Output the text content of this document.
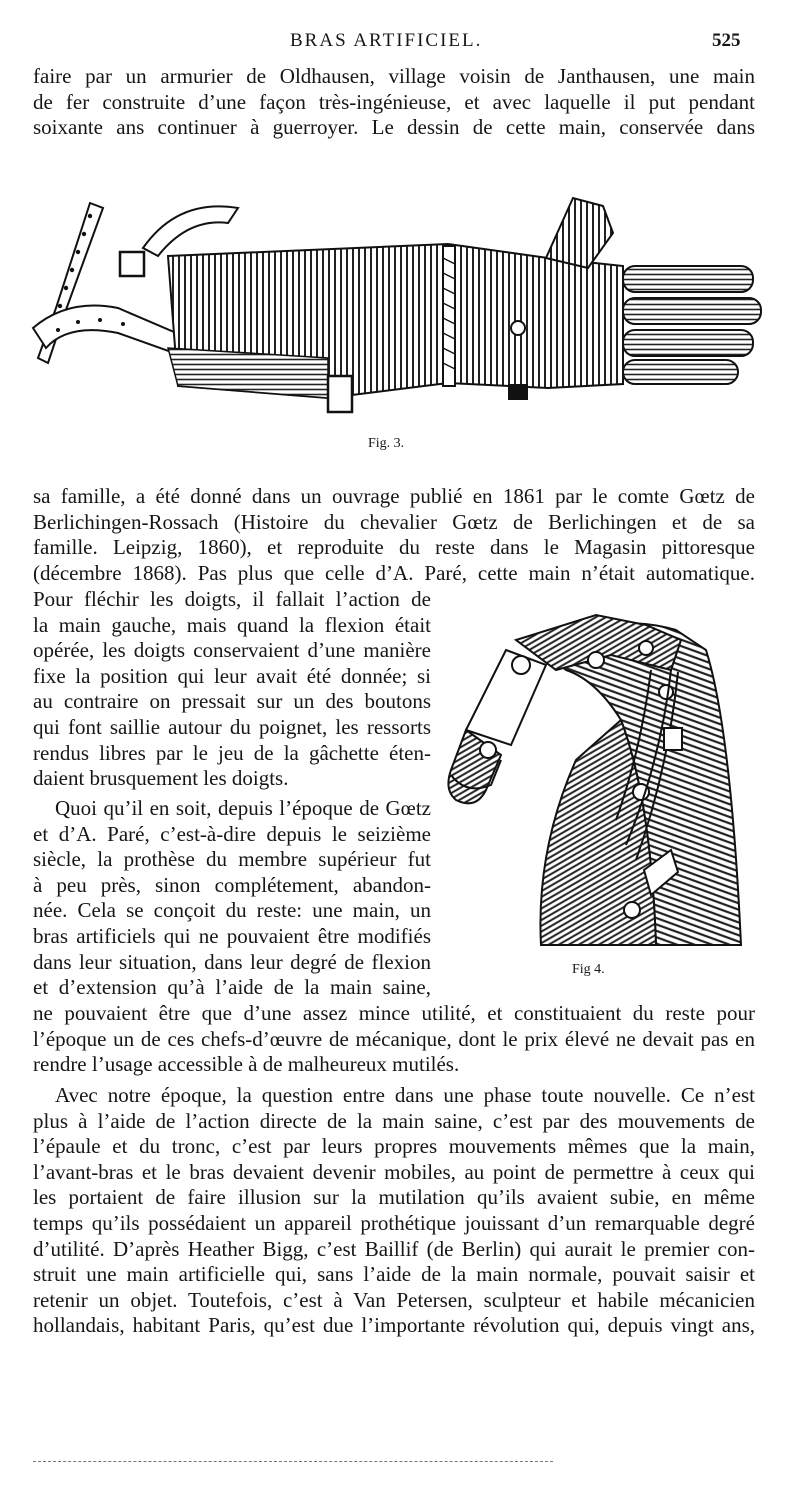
BRAS ARTIFICIEL.	525
faire par un armurier de Oldhausen, village voisin de Janthausen, une main
de fer construite d’une façon très-ingénieuse, et avec laquelle il put pendant
soixante ans continuer à guerroyer. Le dessin de cette main, conservée dans
Fig. 3.
sa famille, a été donné dans un ouvrage publié en 1861 par le comte Gœtz de
Berlichingen-Rossach (Histoire du chevalier Gœtz de Berlichingen et de sa
famille. Leipzig, 1860), et reproduite du reste dans le Magasin pittoresque
(décembre 1868). Pas plus que celle d’A. Paré, cette main n’était automatique.
Pour fléchir les doigts, il fallait l’action de
la main gauche, mais quand la flexion était
opérée, les doigts conservaient d’une manière
fixe la position qui leur avait été donnée; si
au contraire on pressait sur un des boutons
qui font saillie autour du poignet, les ressorts
rendus libres par le jeu de la gâchette éten-
daient brusquement les doigts.
Quoi qu’il en soit, depuis l’époque de Gœtz
et d’A. Paré, c’est-à-dire depuis le seizième
siècle, la prothèse du membre supérieur fut
à peu près, sinon complétement, abandon-
née. Cela se conçoit du reste: une main, un
bras artificiels qui ne pouvaient être modifiés
dans leur situation, dans leur degré de flexion
et d’extension qu’à l’aide de la main saine,
ne pouvaient être que d’une assez mince utilité, et constituaient du reste pour
l’époque un de ces chefs-d’œuvre de mécanique, dont le prix élevé ne devait pas en
rendre l’usage accessible à de malheureux mutilés.
Fig 4.
Avec notre époque, la question entre dans une phase toute nouvelle. Ce n’est
plus à l’aide de l’action directe de la main saine, c’est par des mouvements de
l’épaule et du tronc, c’est par leurs propres mouvements mêmes que la main,
l’avant-bras et le bras devaient devenir mobiles, au point de permettre à ceux qui
les portaient de faire illusion sur la mutilation qu’ils avaient subie, en même
temps qu’ils possédaient un appareil prothétique jouissant d’un remarquable degré
d’utilité. D’après Heather Bigg, c’est Baillif (de Berlin) qui aurait le premier con-
struit une main artificielle qui, sans l’aide de la main normale, pouvait saisir et
retenir un objet. Toutefois, c’est à Van Petersen, sculpteur et habile mécanicien
hollandais, habitant Paris, qu’est due l’importante révolution qui, depuis vingt ans,
